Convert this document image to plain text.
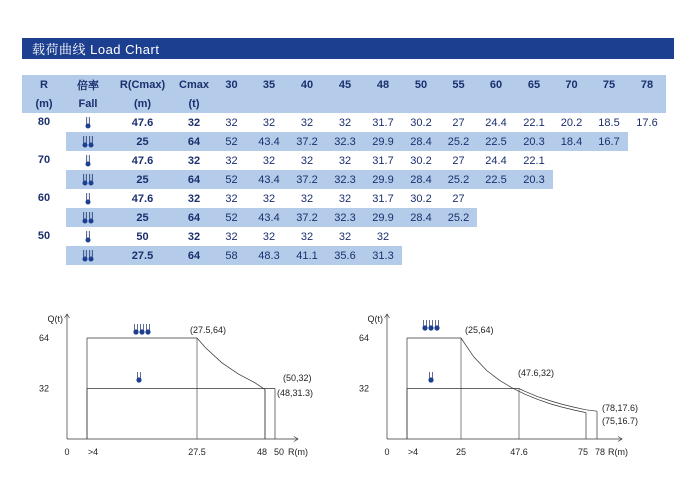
载荷曲线 Load Chart
R	倍率	R(Cmax)	Cmax	30	35	40	45	48	50	55	60	65	70	75	78
(m)	Fall	(m)	(t)												
80		47.6	32	32	32	32	32	31.7	30.2	27	24.4	22.1	20.2	18.5	17.6
	25	64	52	43.4	37.2	32.3	29.9	28.4	25.2	22.5	20.3	18.4	16.7	
70		47.6	32	32	32	32	32	31.7	30.2	27	24.4	22.1			
	25	64	52	43.4	37.2	32.3	29.9	28.4	25.2	22.5	20.3			
60		47.6	32	32	32	32	32	31.7	30.2	27					
	25	64	52	43.4	37.2	32.3	29.9	28.4	25.2					
50		50	32	32	32	32	32	32							
	27.5	64	58	48.3	41.1	35.6	31.3							
Q(t)
R(m)
64
32
0 >4	27.5	48 50
(27.5,64)
(50,32)
(48,31.3)
Q(t)
R(m)
64
32
0 >4	25	47.6	75 78
(25,64)
(47.6,32)
(78,17.6)
(75,16.7)
